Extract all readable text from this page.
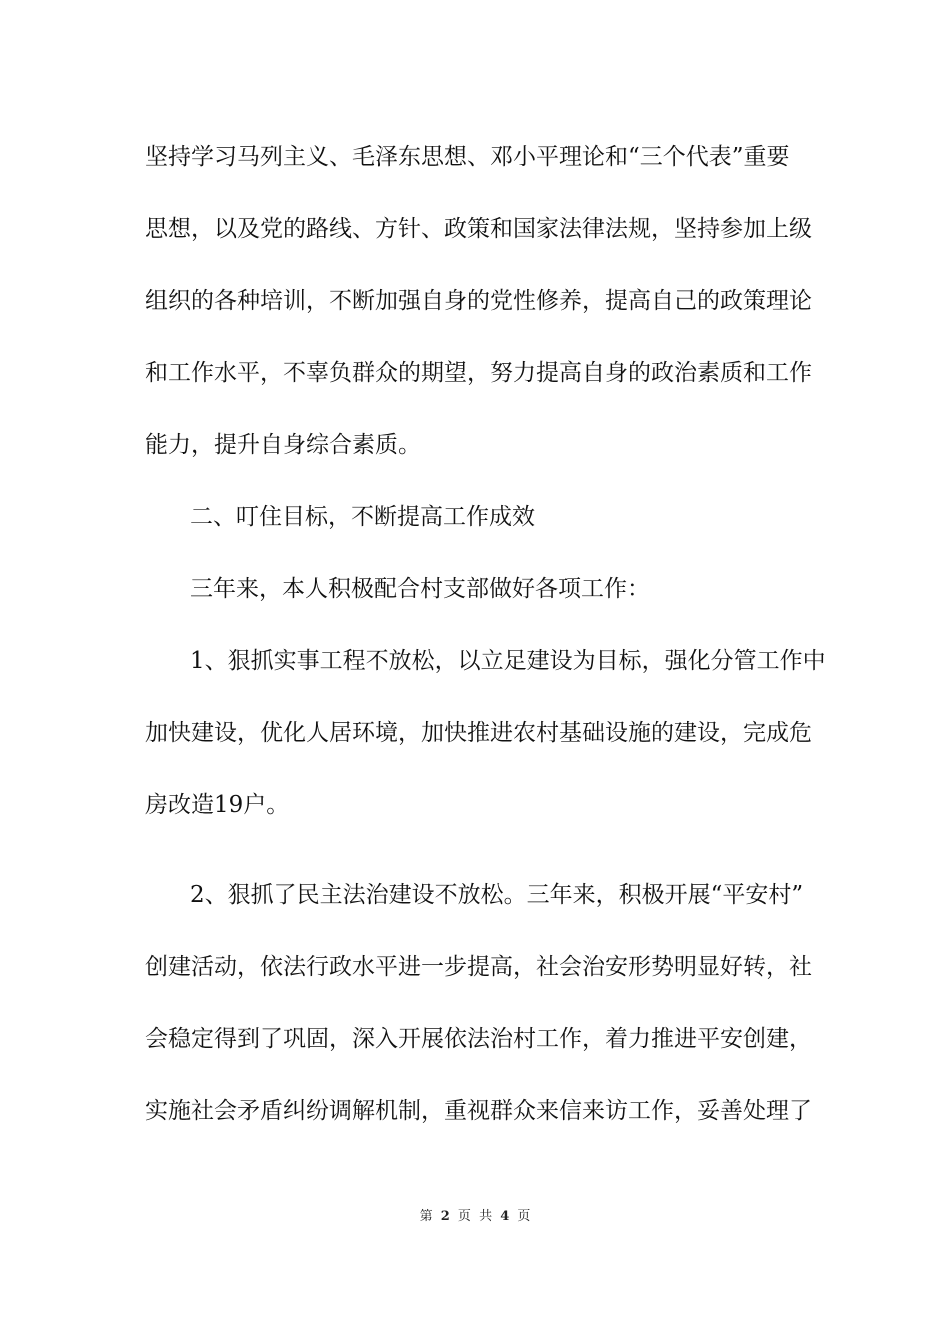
坚持学习马列主义、毛泽东思想、邓小平理论和“三个代表”重要
思想，以及党的路线、方针、政策和国家法律法规，坚持参加上级
组织的各种培训，不断加强自身的党性修养，提高自己的政策理论
和工作水平，不辜负群众的期望，努力提高自身的政治素质和工作
能力，提升自身综合素质。
二、叮住目标，不断提高工作成效
三年来，本人积极配合村支部做好各项工作：
1、狠抓实事工程不放松，以立足建设为目标，强化分管工作中
加快建设，优化人居环境，加快推进农村基础设施的建设，完成危
房改造19户。
2、狠抓了民主法治建设不放松。三年来，积极开展“平安村”
创建活动，依法行政水平进一步提高，社会治安形势明显好转，社
会稳定得到了巩固，深入开展依法治村工作，着力推进平安创建，
实施社会矛盾纠纷调解机制，重视群众来信来访工作，妥善处理了
第 2 页 共 4 页
